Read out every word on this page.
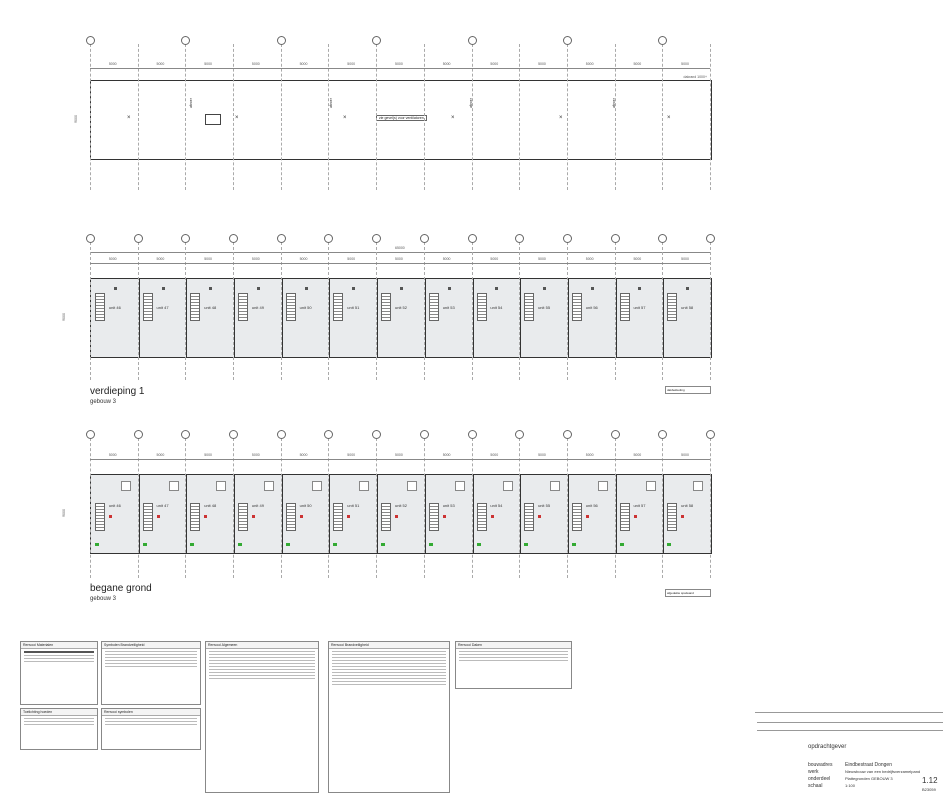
zie gevel(s) voor ventilatoren
dakrand 1000+
afvoer	afvoer	afvoer	afvoer
×	×	×	×	×	×
unit 46	unit 47	unit 48	unit 49	unit 50	unit 51	unit 52	unit 53	unit 54	unit 55	unit 56	unit 57	unit 58
verdieping 1
gebouw 3
dakbekleding
unit 46	unit 47	unit 48	unit 49	unit 50	unit 51	unit 52	unit 53	unit 54	unit 55	unit 56	unit 57	unit 58
begane grond
gebouw 3
afgedekte spatwand
65000
9000
9000
9000
Renvooi Materialen	Symbolen Brandveiligheid	Renvooi Algemeen	Renvooi Brandveiligheid	Renvooi Daken
Toelichting hoeden	Renvooi symbolen
opdrachtgever
bouwadres	Eindbestraat Dongen
werk	Nieuwbouw van een bedrijfsverzamelpand
onderdeel	Plattegronden GEBOUW 3
schaal	1:100
1.12
B23059
5000	5000	5000	5000	5000	5000	5000	5000	5000	5000	5000	5000	5000
5000	5000	5000	5000	5000	5000	5000	5000	5000	5000	5000	5000	5000
5000	5000	5000	5000	5000	5000	5000	5000	5000	5000	5000	5000	5000
